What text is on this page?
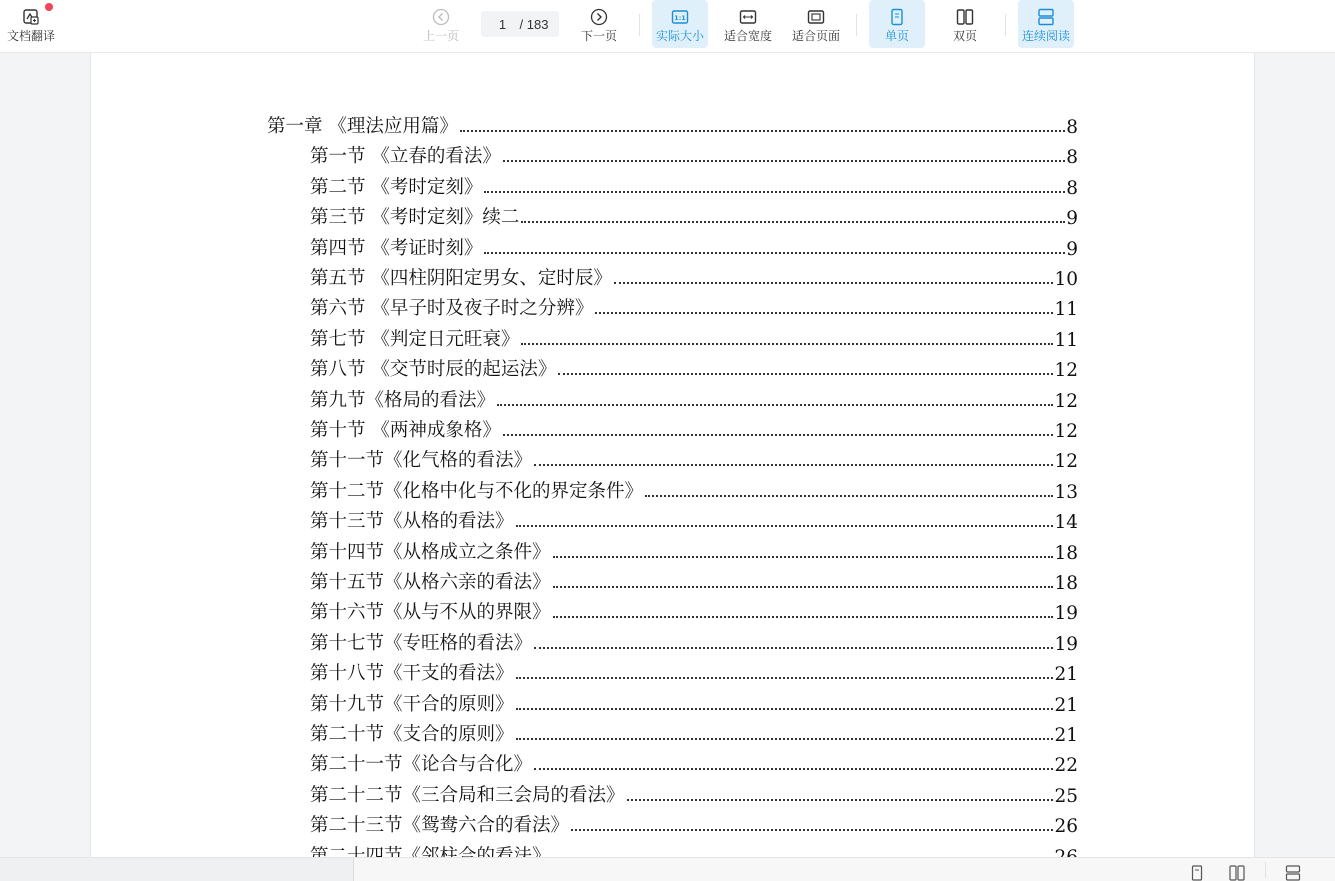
文档翻译	上一页
1	/ 183
下一页
1:1
实际大小 适合宽度 适合页面	单页	双页	连续阅读
第一章 《理法应用篇》	8
第一节 《立春的看法》	8
第二节 《考时定刻》	8
第三节 《考时定刻》续二	9
第四节 《考证时刻》	9
第五节 《四柱阴阳定男女、定时辰》	10
第六节 《早子时及夜子时之分辨》	11
第七节 《判定日元旺衰》	11
第八节 《交节时辰的起运法》	12
第九节《格局的看法》	12
第十节 《两神成象格》	12
第十一节《化气格的看法》	12
第十二节《化格中化与不化的界定条件》	13
第十三节《从格的看法》	14
第十四节《从格成立之条件》	18
第十五节《从格六亲的看法》	18
第十六节《从与不从的界限》	19
第十七节《专旺格的看法》	19
第十八节《干支的看法》	21
第十九节《干合的原则》	21
第二十节《支合的原则》	21
第二十一节《论合与合化》	22
第二十二节《三合局和三会局的看法》	25
第二十三节《鸳鸯六合的看法》	26
